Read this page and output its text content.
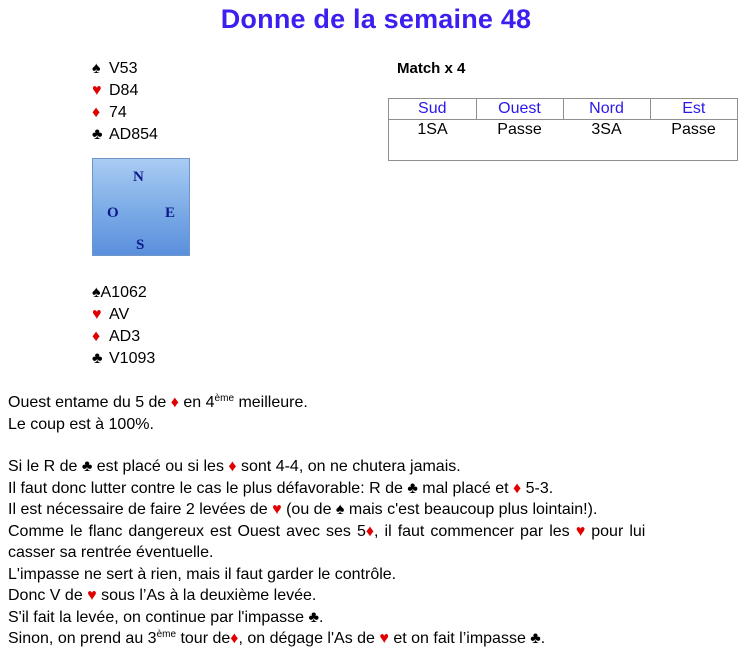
Donne de la semaine 48
♠ V53
♥ D84
♦ 74
♣ AD854
N
O	E
S
♠A1062
♥ AV
♦ AD3
♣ V1093
Match x 4
Sud	Ouest	Nord	Est
1SA	Passe	3SA	Passe
Ouest entame du 5 de ♦ en 4ème meilleure.
Le coup est à 100%.
Si le R de ♣ est placé ou si les ♦ sont 4-4, on ne chutera jamais.
Il faut donc lutter contre le cas le plus défavorable: R de ♣ mal placé et ♦ 5-3.
Il est nécessaire de faire 2 levées de ♥ (ou de ♠ mais c'est beaucoup plus lointain!).
Comme le flanc dangereux est Ouest avec ses 5♦, il faut commencer par les ♥ pour lui
casser sa rentrée éventuelle.
L'impasse ne sert à rien, mais il faut garder le contrôle.
Donc V de ♥ sous l’As à la deuxième levée.
S'il fait la levée, on continue par l'impasse ♣.
Sinon, on prend au 3ème tour de♦, on dégage l'As de ♥ et on fait l’impasse ♣.
